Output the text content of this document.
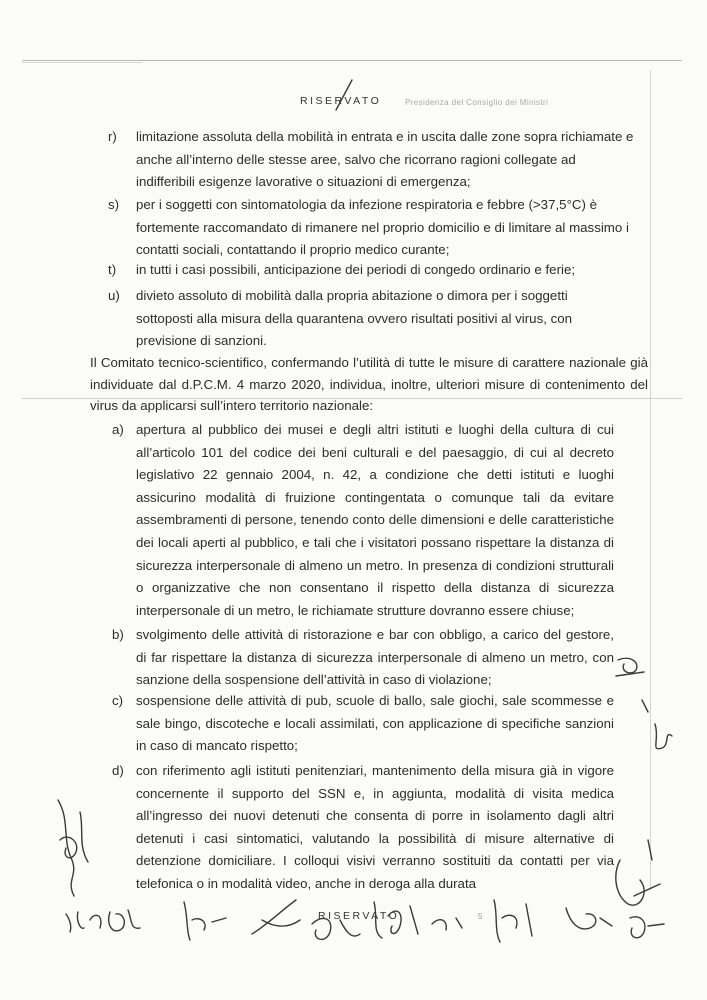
RISERVATO	Presidenza del Consiglio dei Ministri
r) limitazione assoluta della mobilità in entrata e in uscita dalle zone sopra richiamate e anche all’interno delle stesse aree, salvo che ricorrano ragioni collegate ad indifferibili esigenze lavorative o situazioni di emergenza;
s) per i soggetti con sintomatologia da infezione respiratoria e febbre (>37,5°C) è fortemente raccomandato di rimanere nel proprio domicilio e di limitare al massimo i contatti sociali, contattando il proprio medico curante;
t) in tutti i casi possibili, anticipazione dei periodi di congedo ordinario e ferie;
u) divieto assoluto di mobilità dalla propria abitazione o dimora per i soggetti sottoposti alla misura della quarantena ovvero risultati positivi al virus, con previsione di sanzioni.
Il Comitato tecnico-scientifico, confermando l’utilità di tutte le misure di carattere nazionale già individuate dal d.P.C.M. 4 marzo 2020, individua, inoltre, ulteriori misure di contenimento del virus da applicarsi sull’intero territorio nazionale:
a) apertura al pubblico dei musei e degli altri istituti e luoghi della cultura di cui all’articolo 101 del codice dei beni culturali e del paesaggio, di cui al decreto legislativo 22 gennaio 2004, n. 42, a condizione che detti istituti e luoghi assicurino modalità di fruizione contingentata o comunque tali da evitare assembramenti di persone, tenendo conto delle dimensioni e delle caratteristiche dei locali aperti al pubblico, e tali che i visitatori possano rispettare la distanza di sicurezza interpersonale di almeno un metro. In presenza di condizioni strutturali o organizzative che non consentano il rispetto della distanza di sicurezza interpersonale di un metro, le richiamate strutture dovranno essere chiuse;
b) svolgimento delle attività di ristorazione e bar con obbligo, a carico del gestore, di far rispettare la distanza di sicurezza interpersonale di almeno un metro, con sanzione della sospensione dell’attività in caso di violazione;
c) sospensione delle attività di pub, scuole di ballo, sale giochi, sale scommesse e sale bingo, discoteche e locali assimilati, con applicazione di specifiche sanzioni in caso di mancato rispetto;
d) con riferimento agli istituti penitenziari, mantenimento della misura già in vigore concernente il supporto del SSN e, in aggiunta, modalità di visita medica all’ingresso dei nuovi detenuti che consenta di porre in isolamento dagli altri detenuti i casi sintomatici, valutando la possibilità di misure alternative di detenzione domiciliare. I colloqui visivi verranno sostituiti da contatti per via telefonica o in modalità video, anche in deroga alla durata
RISERVATO	5
